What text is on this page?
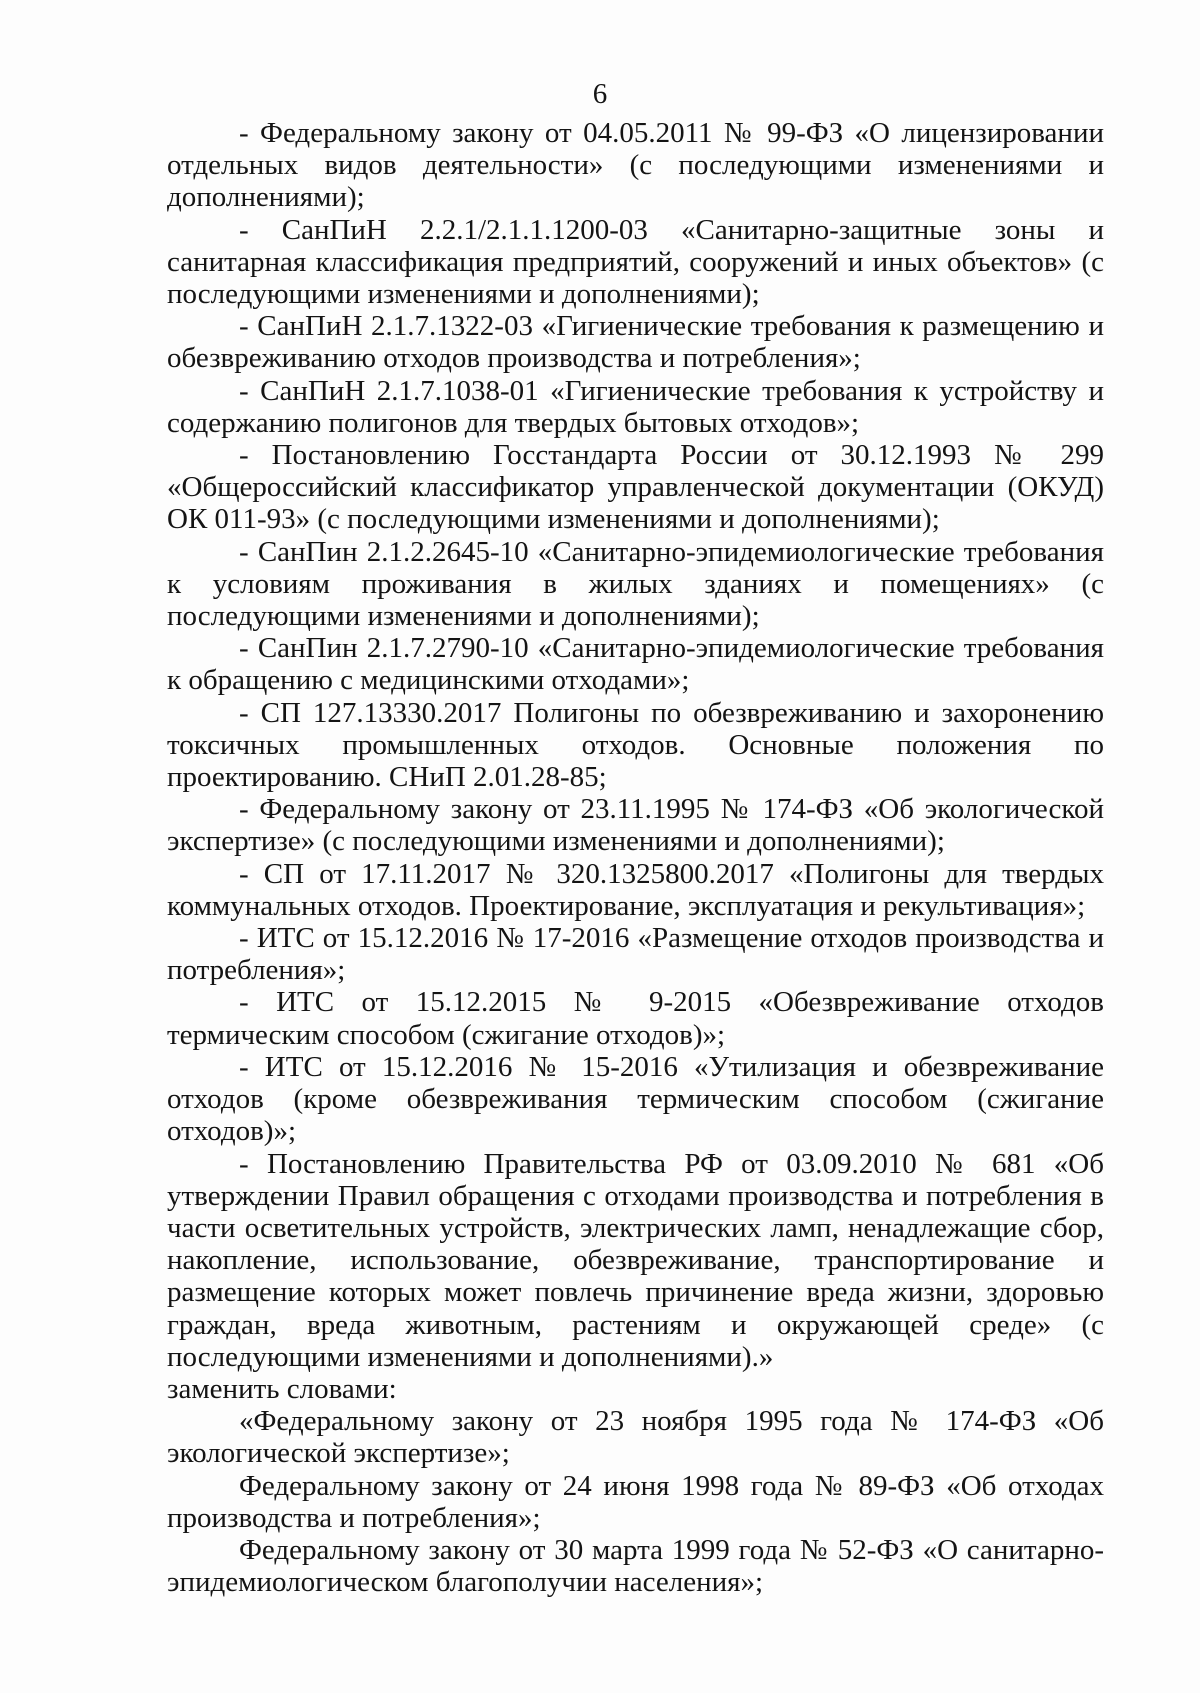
6

- Федеральному закону от 04.05.2011 № 99-ФЗ «О лицензировании отдельных видов деятельности» (с последующими изменениями и дополнениями);

- СанПиН 2.2.1/2.1.1.1200-03 «Санитарно-защитные зоны и санитарная классификация предприятий, сооружений и иных объектов» (с последующими изменениями и дополнениями);

- СанПиН 2.1.7.1322-03 «Гигиенические требования к размещению и обезвреживанию отходов производства и потребления»;

- СанПиН 2.1.7.1038-01 «Гигиенические требования к устройству и содержанию полигонов для твердых бытовых отходов»;

- Постановлению Госстандарта России от 30.12.1993 № 299 «Общероссийский классификатор управленческой документации (ОКУД) ОК 011-93» (с последующими изменениями и дополнениями);

- СанПин 2.1.2.2645-10 «Санитарно-эпидемиологические требования к условиям проживания в жилых зданиях и помещениях» (с последующими изменениями и дополнениями);

- СанПин 2.1.7.2790-10 «Санитарно-эпидемиологические требования к обращению с медицинскими отходами»;

- СП 127.13330.2017 Полигоны по обезвреживанию и захоронению токсичных промышленных отходов. Основные положения по проектированию. СНиП 2.01.28-85;

- Федеральному закону от 23.11.1995 № 174-ФЗ «Об экологической экспертизе» (с последующими изменениями и дополнениями);

- СП от 17.11.2017 № 320.1325800.2017 «Полигоны для твердых коммунальных отходов. Проектирование, эксплуатация и рекультивация»;

- ИТС от 15.12.2016 № 17-2016 «Размещение отходов производства и потребления»;

- ИТС от 15.12.2015 № 9-2015 «Обезвреживание отходов термическим способом (сжигание отходов)»;

- ИТС от 15.12.2016 № 15-2016 «Утилизация и обезвреживание отходов (кроме обезвреживания термическим способом (сжигание отходов)»;

- Постановлению Правительства РФ от 03.09.2010 № 681 «Об утверждении Правил обращения с отходами производства и потребления в части осветительных устройств, электрических ламп, ненадлежащие сбор, накопление, использование, обезвреживание, транспортирование и размещение которых может повлечь причинение вреда жизни, здоровью граждан, вреда животным, растениям и окружающей среде» (с последующими изменениями и дополнениями).»

заменить словами:

«Федеральному закону от 23 ноября 1995 года № 174-ФЗ «Об экологической экспертизе»;

Федеральному закону от 24 июня 1998 года № 89-ФЗ «Об отходах производства и потребления»;

Федеральному закону от 30 марта 1999 года № 52-ФЗ «О санитарно-эпидемиологическом благополучии населения»;
